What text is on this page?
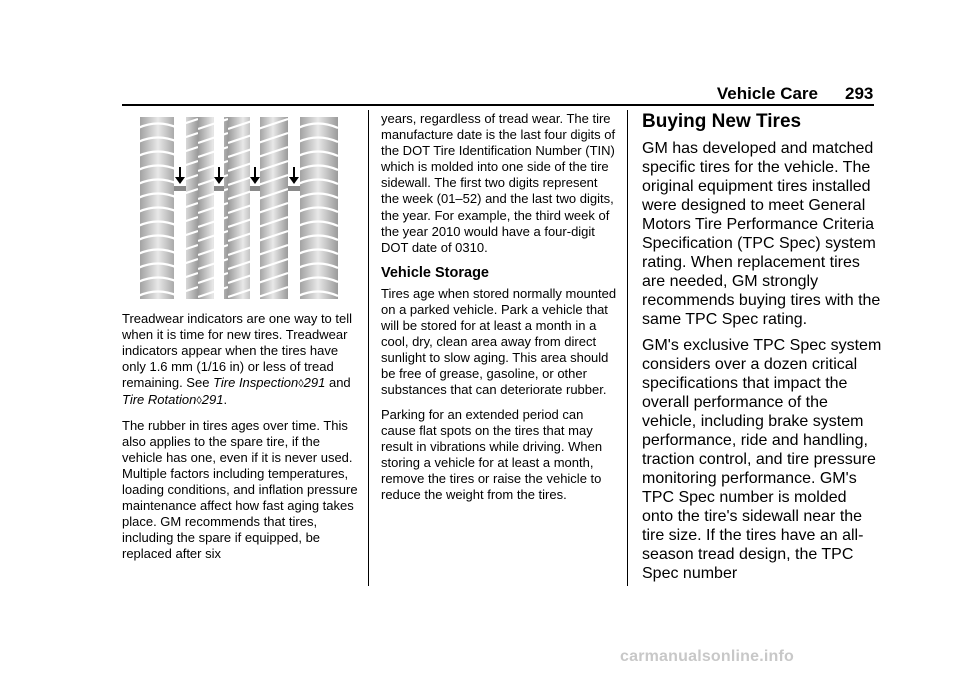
Vehicle Care 293

Treadwear indicators are one way to tell when it is time for new tires. Treadwear indicators appear when the tires have only 1.6 mm (1/16 in) or less of tread remaining. See Tire Inspection◊291 and Tire Rotation◊291.

The rubber in tires ages over time. This also applies to the spare tire, if the vehicle has one, even if it is never used. Multiple factors including temperatures, loading conditions, and inflation pressure maintenance affect how fast aging takes place. GM recommends that tires, including the spare if equipped, be replaced after six

years, regardless of tread wear. The tire manufacture date is the last four digits of the DOT Tire Identification Number (TIN) which is molded into one side of the tire sidewall. The first two digits represent the week (01–52) and the last two digits, the year. For example, the third week of the year 2010 would have a four-digit DOT date of 0310.

Vehicle Storage

Tires age when stored normally mounted on a parked vehicle. Park a vehicle that will be stored for at least a month in a cool, dry, clean area away from direct sunlight to slow aging. This area should be free of grease, gasoline, or other substances that can deteriorate rubber.

Parking for an extended period can cause flat spots on the tires that may result in vibrations while driving. When storing a vehicle for at least a month, remove the tires or raise the vehicle to reduce the weight from the tires.

Buying New Tires

GM has developed and matched specific tires for the vehicle. The original equipment tires installed were designed to meet General Motors Tire Performance Criteria Specification (TPC Spec) system rating. When replacement tires are needed, GM strongly recommends buying tires with the same TPC Spec rating.

GM's exclusive TPC Spec system considers over a dozen critical specifications that impact the overall performance of the vehicle, including brake system performance, ride and handling, traction control, and tire pressure monitoring performance. GM's TPC Spec number is molded onto the tire's sidewall near the tire size. If the tires have an all-season tread design, the TPC Spec number

carmanualsonline.info
